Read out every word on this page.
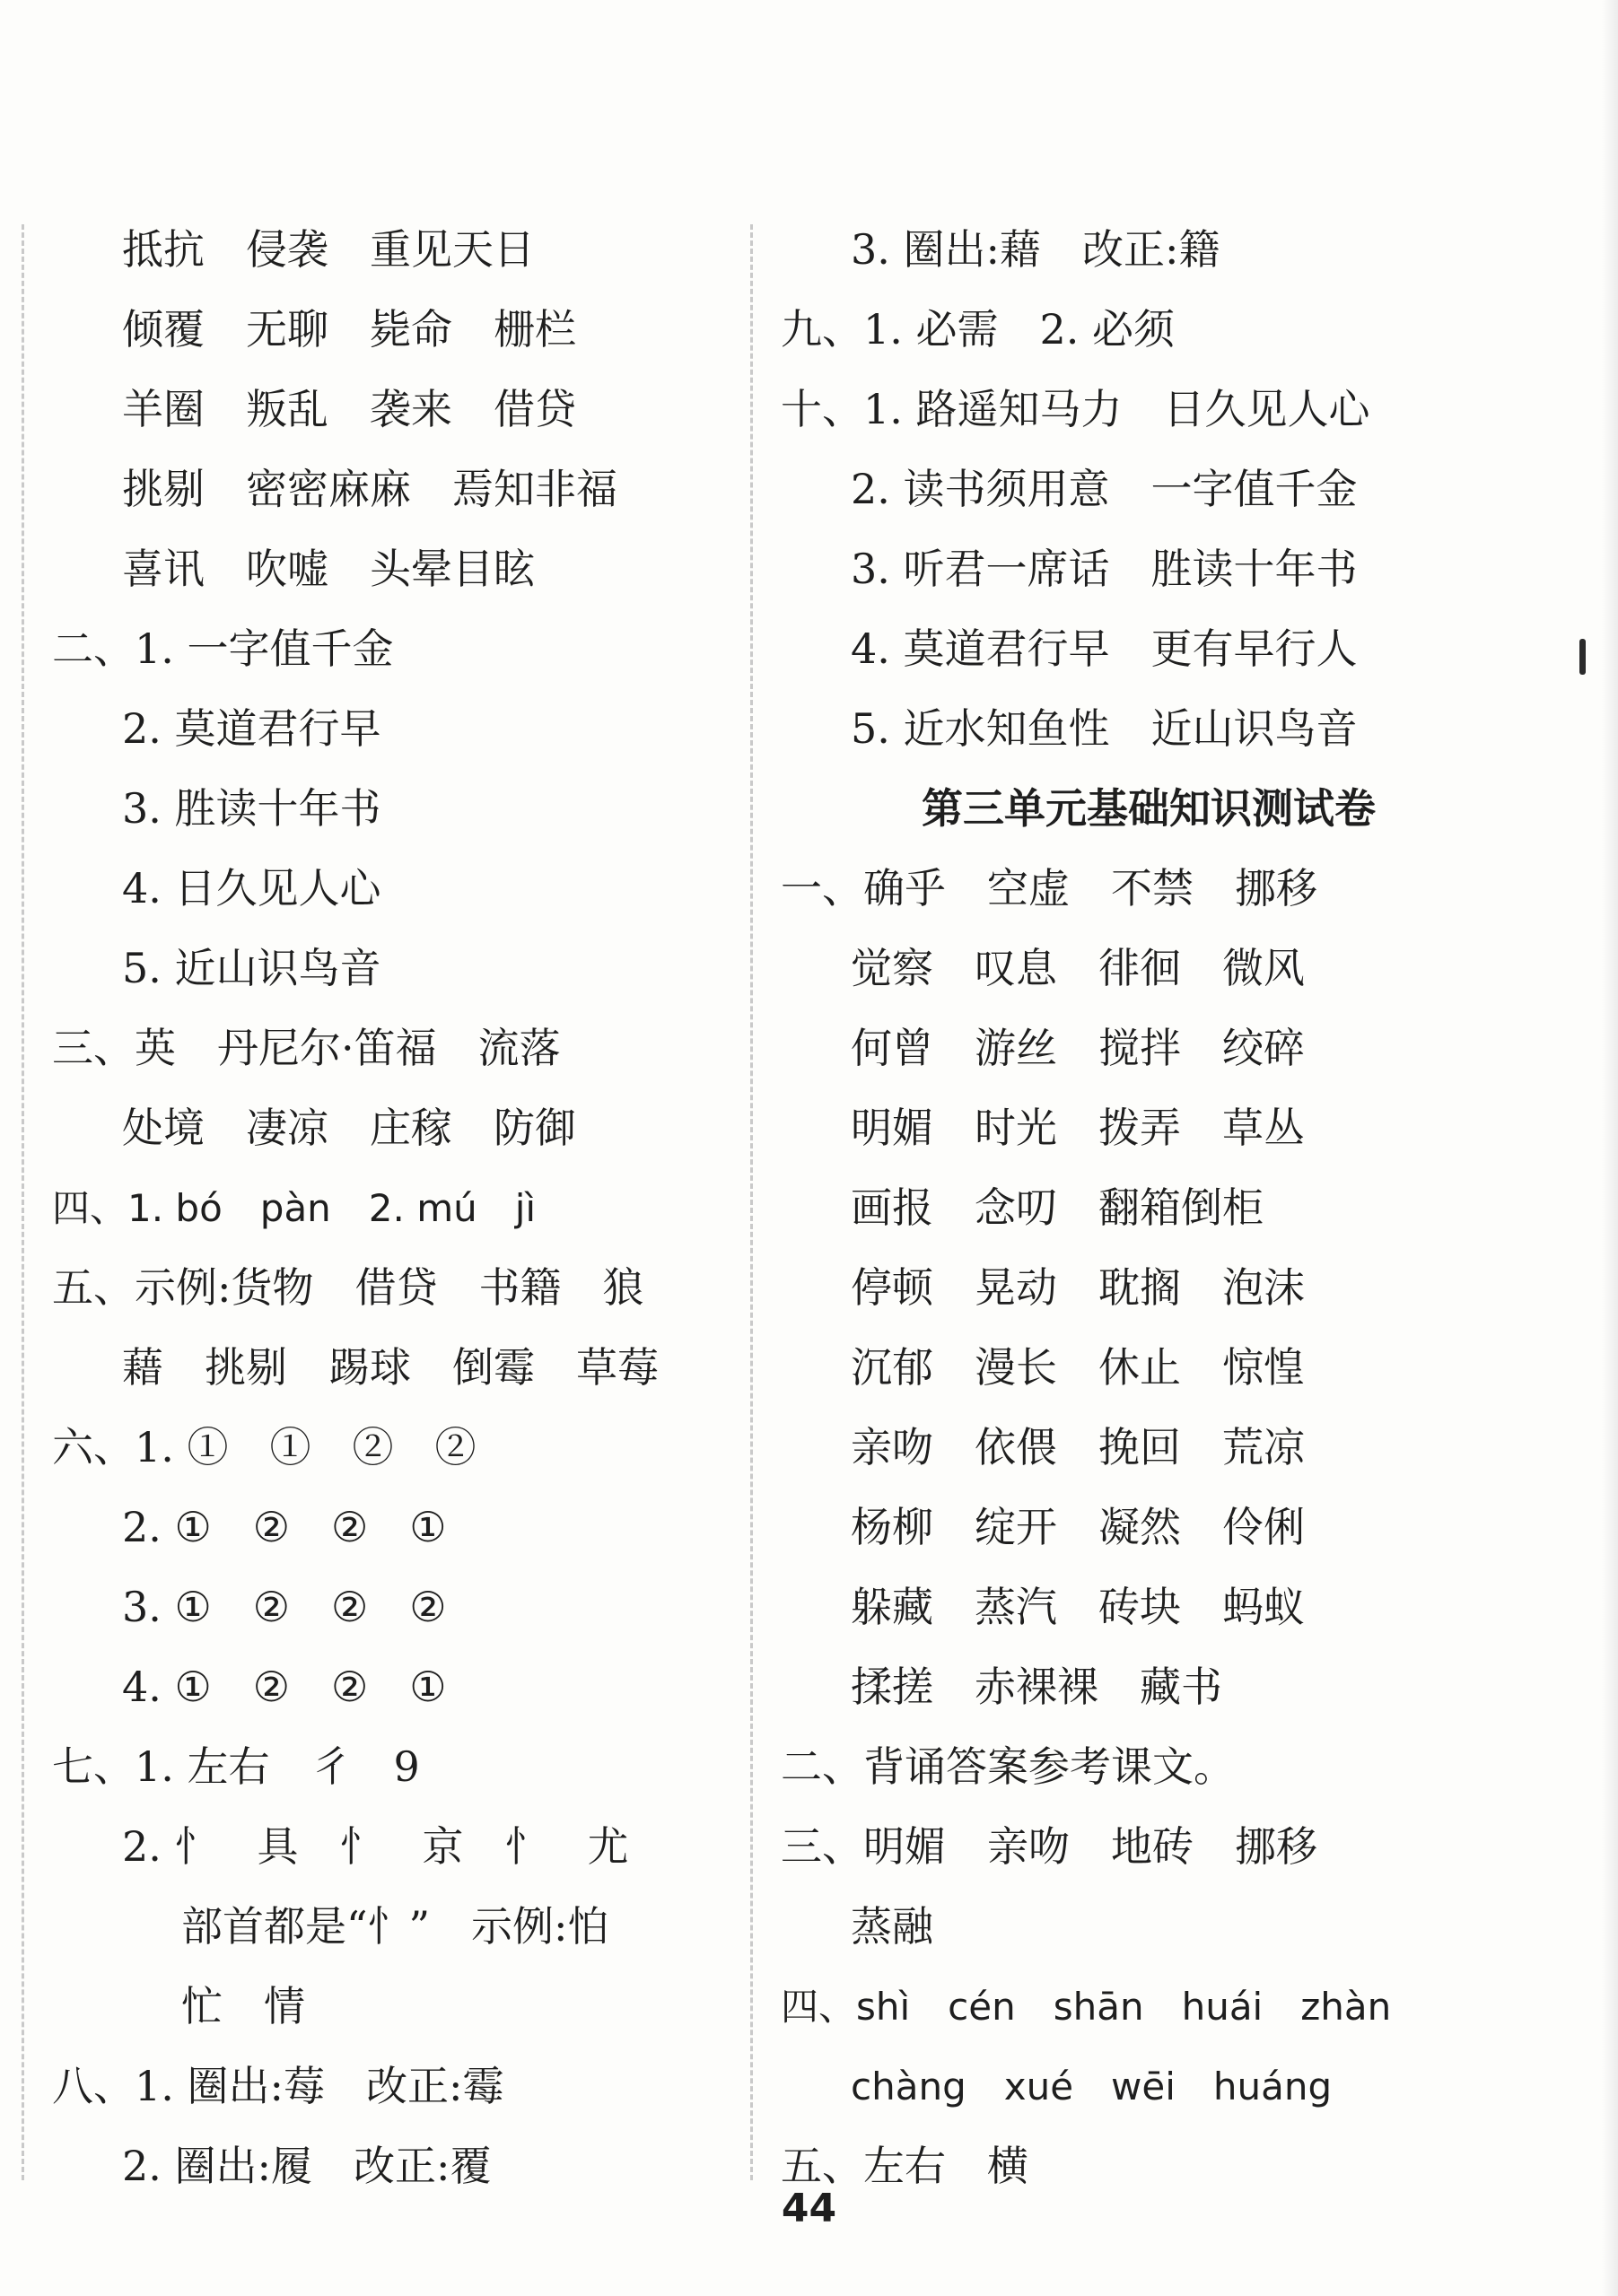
抵抗　侵袭　重见天日
倾覆　无聊　毙命　栅栏
羊圈　叛乱　袭来　借贷
挑剔　密密麻麻　焉知非福
喜讯　吹嘘　头晕目眩
二、1. 一字值千金
2. 莫道君行早
3. 胜读十年书
4. 日久见人心
5. 近山识鸟音
三、英　丹尼尔·笛福　流落
处境　凄凉　庄稼　防御
四、1. bó　pàn　2. mú　jì
五、示例:货物　借贷　书籍　狼
藉　挑剔　踢球　倒霉　草莓
六、1. ①　①　②　②
2. ①　②　②　①
3. ①　②　②　②
4. ①　②　②　①
七、1. 左右　彳　9
2. 忄　具　忄　京　忄　尤
部首都是“忄”　示例:怕
忙　情
八、1. 圈出:莓　改正:霉
2. 圈出:履　改正:覆
3. 圈出:藉　改正:籍
九、1. 必需　2. 必须
十、1. 路遥知马力　日久见人心
2. 读书须用意　一字值千金
3. 听君一席话　胜读十年书
4. 莫道君行早　更有早行人
5. 近水知鱼性　近山识鸟音
第三单元基础知识测试卷
一、确乎　空虚　不禁　挪移
觉察　叹息　徘徊　微风
何曾　游丝　搅拌　绞碎
明媚　时光　拨弄　草丛
画报　念叨　翻箱倒柜
停顿　晃动　耽搁　泡沫
沉郁　漫长　休止　惊惶
亲吻　依偎　挽回　荒凉
杨柳　绽开　凝然　伶俐
躲藏　蒸汽　砖块　蚂蚁
揉搓　赤裸裸　藏书
二、背诵答案参考课文。
三、明媚　亲吻　地砖　挪移
蒸融
四、shì　cén　shān　huái　zhàn
chàng　xué　wēi　huáng
五、左右　横
44
